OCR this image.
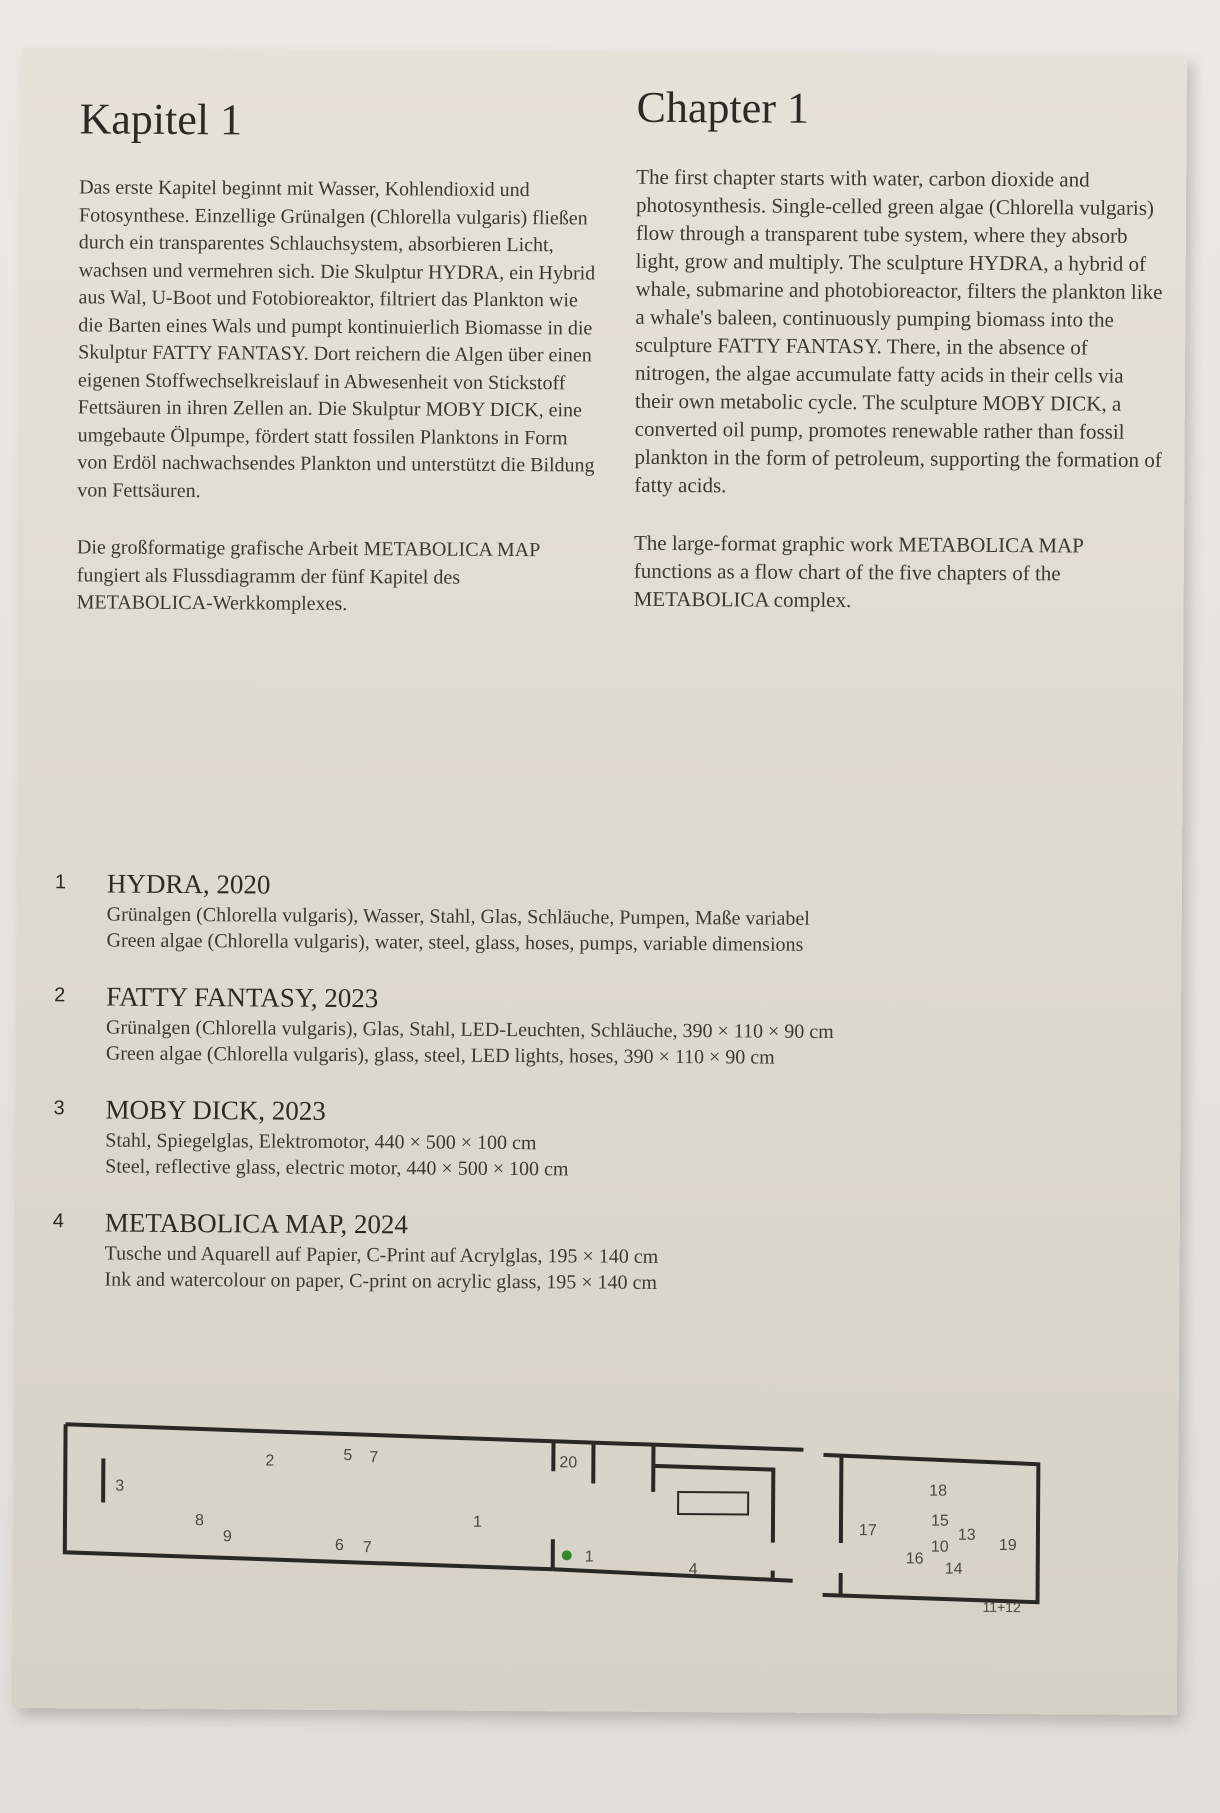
Kapitel 1

Das erste Kapitel beginnt mit Wasser, Kohlendioxid und Fotosynthese. Einzellige Grünalgen (Chlorella vulgaris) fließen durch ein transparentes Schlauchsystem, absorbieren Licht, wachsen und vermehren sich. Die Skulptur HYDRA, ein Hybrid aus Wal, U-Boot und Fotobioreaktor, filtriert das Plankton wie die Barten eines Wals und pumpt kontinuierlich Biomasse in die Skulptur FATTY FANTASY. Dort reichern die Algen über einen eigenen Stoffwechselkreislauf in Abwesenheit von Stickstoff Fettsäuren in ihren Zellen an. Die Skulptur MOBY DICK, eine umgebaute Ölpumpe, fördert statt fossilen Planktons in Form von Erdöl nachwachsendes Plankton und unterstützt die Bildung von Fettsäuren.

Die großformatige grafische Arbeit METABOLICA MAP fungiert als Flussdiagramm der fünf Kapitel des METABOLICA-Werkkomplexes.

Chapter 1

The first chapter starts with water, carbon dioxide and photosynthesis. Single-celled green algae (Chlorella vulgaris) flow through a transparent tube system, where they absorb light, grow and multiply. The sculpture HYDRA, a hybrid of whale, submarine and photobioreactor, filters the plankton like a whale's baleen, continuously pumping biomass into the sculpture FATTY FANTASY. There, in the absence of nitrogen, the algae accumulate fatty acids in their cells via their own metabolic cycle. The sculpture MOBY DICK, a converted oil pump, promotes renewable rather than fossil plankton in the form of petroleum, supporting the formation of fatty acids.

The large-format graphic work METABOLICA MAP functions as a flow chart of the five chapters of the METABOLICA complex.

1 HYDRA, 2020
Grünalgen (Chlorella vulgaris), Wasser, Stahl, Glas, Schläuche, Pumpen, Maße variabel
Green algae (Chlorella vulgaris), water, steel, glass, hoses, pumps, variable dimensions
2 FATTY FANTASY, 2023
Grünalgen (Chlorella vulgaris), Glas, Stahl, LED-Leuchten, Schläuche, 390 × 110 × 90 cm
Green algae (Chlorella vulgaris), glass, steel, LED lights, hoses, 390 × 110 × 90 cm
3 MOBY DICK, 2023
Stahl, Spiegelglas, Elektromotor, 440 × 500 × 100 cm
Steel, reflective glass, electric motor, 440 × 500 × 100 cm
4 METABOLICA MAP, 2024
Tusche und Aquarell auf Papier, C-Print auf Acrylglas, 195 × 140 cm
Ink and watercolour on paper, C-print on acrylic glass, 195 × 140 cm
3
2	5 7
8
9
1
6 7
20
1
4
17
18
15
13
10
16
14
19
11+12
